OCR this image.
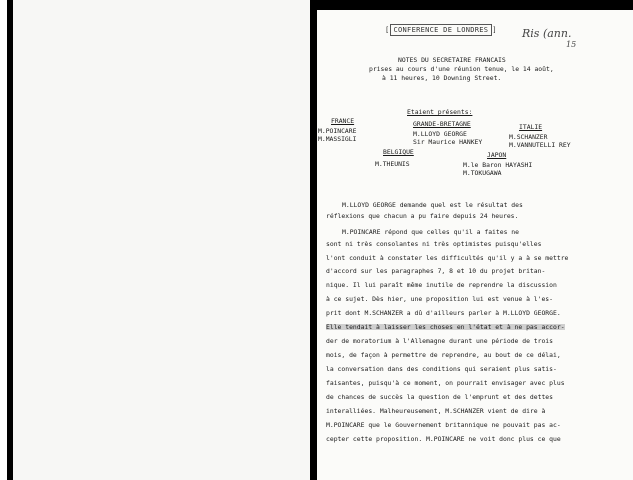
[ CONFERENCE DE LONDRES ] Ris (ann.
15
NOTES DU SECRETAIRE FRANCAIS
prises au cours d'une réunion tenue, le 14 août,
à 11 heures, 10 Downing Street.
Etaient présents:
GRANDE-BRETAGNE
M.LLOYD GEORGE
Sir Maurice HANKEY
FRANCE
M.POINCARE
M.MASSIGLI
ITALIE
M.SCHANZER
M.VANNUTELLI REY
BELGIQUE
M.THEUNIS
JAPON
M.le Baron HAYASHI
M.TOKUGAWA
M.LLOYD GEORGE demande quel est le résultat des
réflexions que chacun a pu faire depuis 24 heures.
M.POINCARE répond que celles qu'il a faites ne
sont ni très consolantes ni très optimistes puisqu'elles
l'ont conduit à constater les difficultés qu'il y a à se mettre
d'accord sur les paragraphes 7, 8 et 10 du projet britan-
nique. Il lui paraît même inutile de reprendre la discussion
à ce sujet. Dès hier, une proposition lui est venue à l'es-
prit dont M.SCHANZER a dû d'ailleurs parler à M.LLOYD GEORGE.
Elle tendait à laisser les choses en l'état et à ne pas accor-
der de moratorium à l'Allemagne durant une période de trois
mois, de façon à permettre de reprendre, au bout de ce délai,
la conversation dans des conditions qui seraient plus satis-
faisantes, puisqu'à ce moment, on pourrait envisager avec plus
de chances de succès la question de l'emprunt et des dettes
interalliées. Malheureusement, M.SCHANZER vient de dire à
M.POINCARE que le Gouvernement britannique ne pouvait pas ac-
cepter cette proposition. M.POINCARE ne voit donc plus ce que
